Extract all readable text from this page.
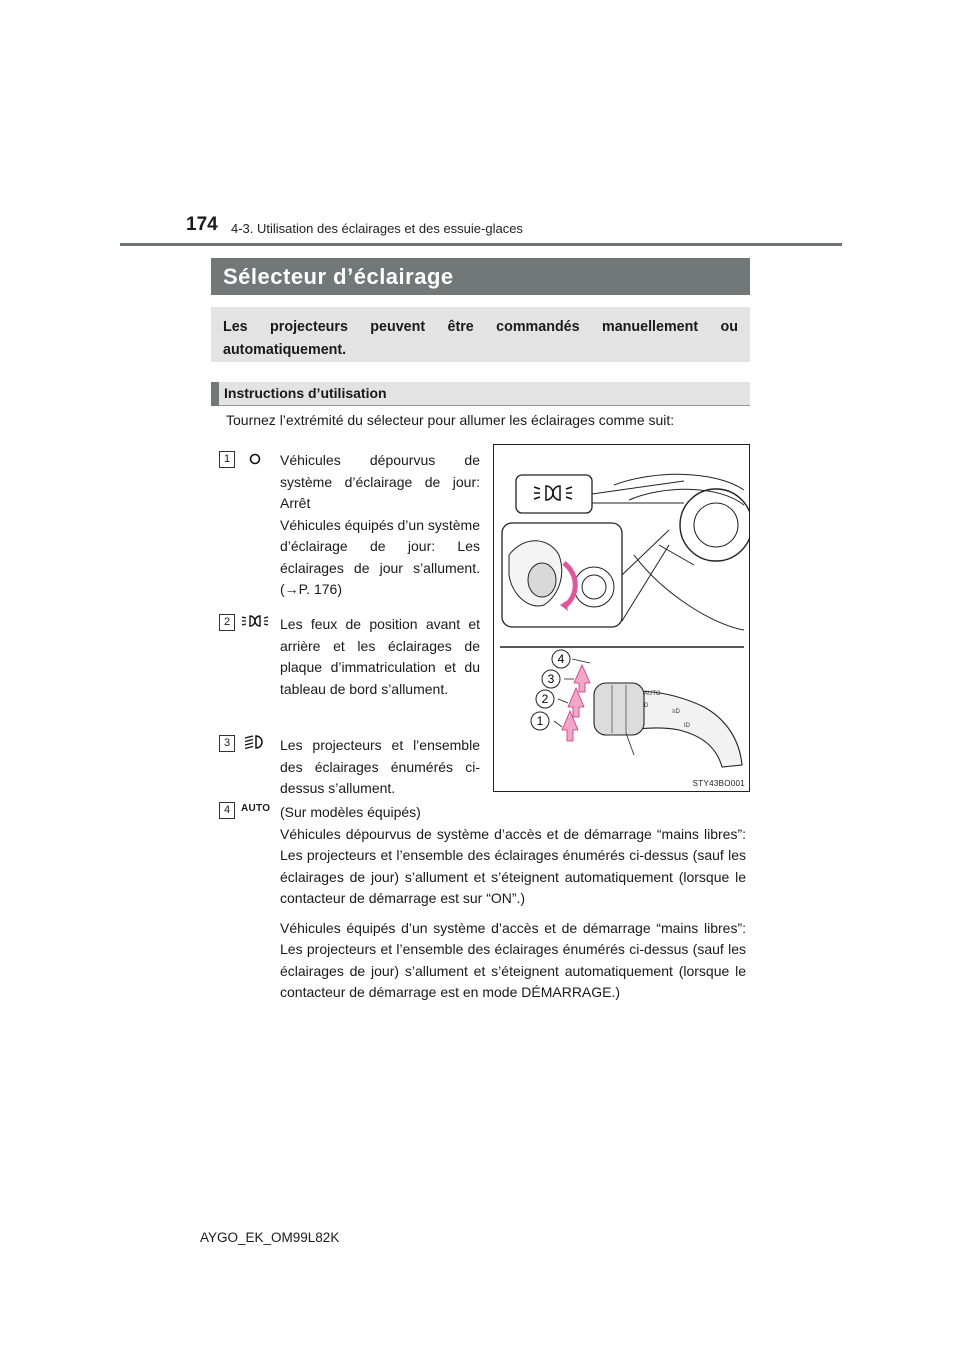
174 4-3. Utilisation des éclairages et des essuie-glaces
Sélecteur d’éclairage
Les projecteurs peuvent être commandés manuellement ou automatiquement.
Instructions d’utilisation
Tournez l’extrémité du sélecteur pour allumer les éclairages comme suit:
1	Véhicules dépourvus de système d’éclairage de jour: Arrêt
Véhicules équipés d’un système d’éclairage de jour: Les éclairages de jour s’allument. (→P. 176)
2	Les feux de position avant et arrière et les éclairages de plaque d’immatriculation et du tableau de bord s’allument.
3	Les projecteurs et l’ensemble des éclairages énumérés ci-dessus s’allument.
4	AUTO (Sur modèles équipés)
Véhicules dépourvus de système d’accès et de démarrage “mains libres”: Les projecteurs et l’ensemble des éclairages énumérés ci-dessus (sauf les éclairages de jour) s’allument et s’éteignent automatiquement (lorsque le contacteur de démarrage est sur “ON”.)
Véhicules équipés d’un système d’accès et de démarrage “mains libres”: Les projecteurs et l’ensemble des éclairages énumérés ci-dessus (sauf les éclairages de jour) s’allument et s’éteignent automatiquement (lorsque le contacteur de démarrage est en mode DÉMARRAGE.)
AUTO
D
≡D
ID
1
2
3
4
STY43BO001
AYGO_EK_OM99L82K
